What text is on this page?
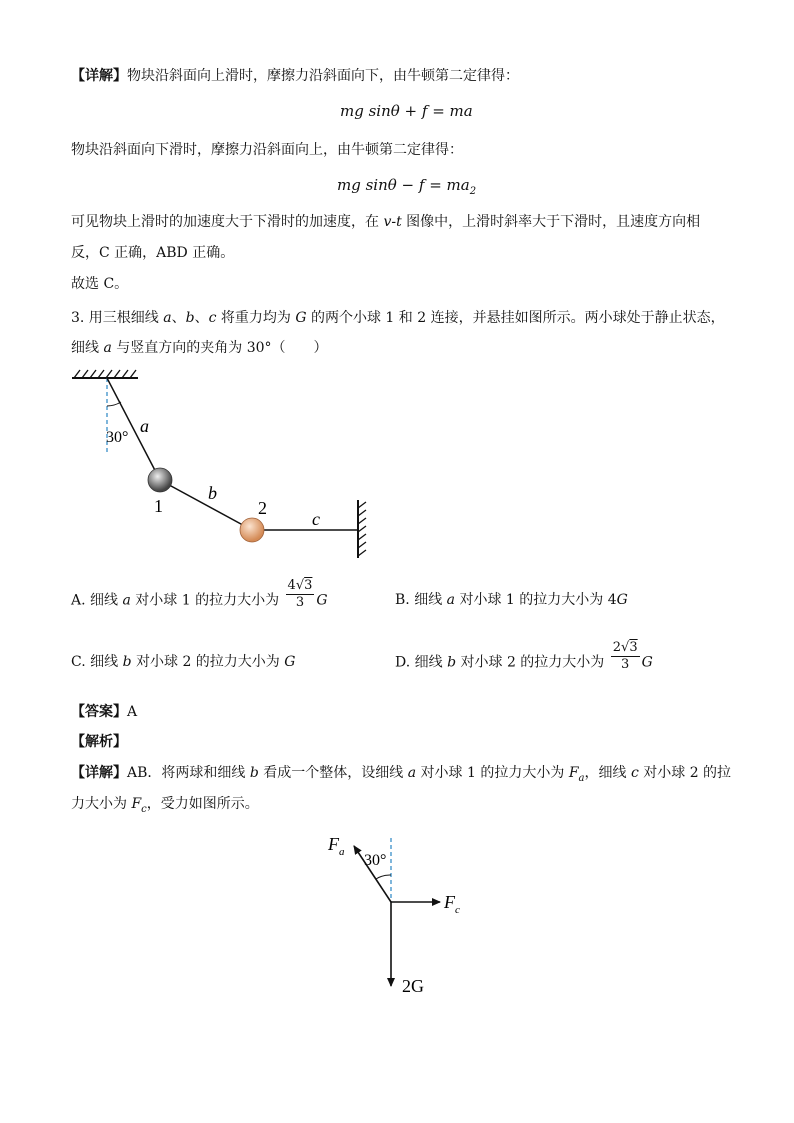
【详解】物块沿斜面向上滑时，摩擦力沿斜面向下，由牛顿第二定律得：
mg sinθ + f = ma
物块沿斜面向下滑时，摩擦力沿斜面向上，由牛顿第二定律得：
mg $\sin\theta - f = ma_2$
可见物块上滑时的加速度大于下滑时的加速度，在 v-t 图像中，上滑时斜率大于下滑时，且速度方向相
反，C 正确，ABD 正确。
故选 C。
3. 用三根细线 a、b、c 将重力均为 G 的两个小球 1 和 2 连接，并悬挂如图所示。两小球处于静止状态，
细线 a 与竖直方向的夹角为 30°（　　）
30°
a
b
c
1	2
A. 细线 a 对小球 1 的拉力大小为 $\frac{4√3}{3}$ G	B. 细线 a 对小球 1 的拉力大小为 4G
C. 细线 b 对小球 2 的拉力大小为 G	D. 细线 b 对小球 2 的拉力大小为 $\frac{2√3}{3}$ G
【答案】A
【解析】
【详解】AB．将两球和细线 b 看成一个整体，设细线 a 对小球 1 的拉力大小为 $F_a$，细线 c 对小球 2 的拉
力大小为 $F_c$，受力如图所示。
$F_a$ 30°
$F_c$
2G
